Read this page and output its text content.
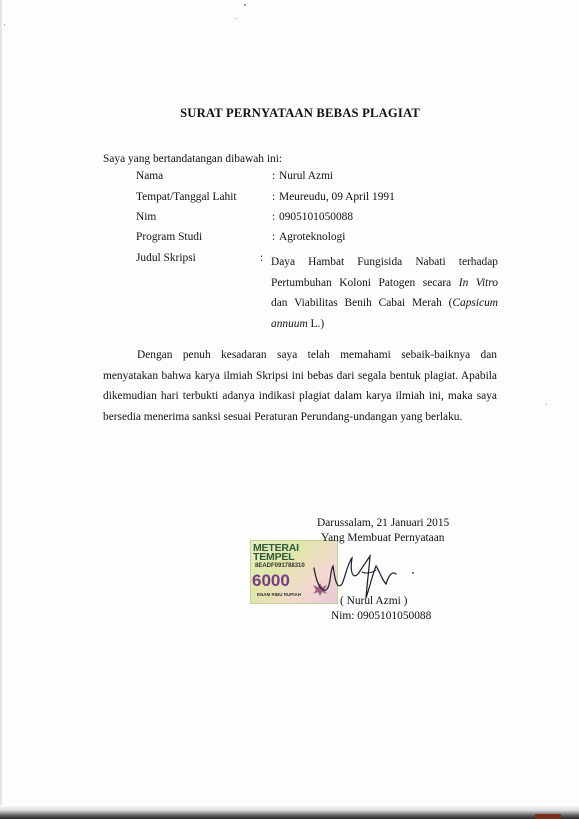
SURAT PERNYATAAN BEBAS PLAGIAT
Saya yang bertandatangan dibawah ini:
Nama	: Nurul Azmi
Tempat/Tanggal Lahit	: Meureudu, 09 April 1991
Nim	: 0905101050088
Program Studi	: Agroteknologi
Judul Skripsi	: Daya Hambat Fungisida Nabati terhadap
Pertumbuhan Koloni Patogen secara In Vitro
dan Viabilitas Benih Cabai Merah (Capsicum
annuum L.)
Dengan penuh kesadaran saya telah memahami sebaik-baiknya dan
menyatakan bahwa karya ilmiah Skripsi ini bebas dari segala bentuk plagiat. Apabila
dikemudian hari terbukti adanya indikasi plagiat dalam karya ilmiah ini, maka saya
bersedia menerima sanksi sesuai Peraturan Perundang-undangan yang berlaku.
METERAI
TEMPEL
8EADF091788310
6000
ENAM RIBU RUPIAH
Darussalam, 21 Januari 2015
Yang Membuat Pernyataan
( Nurul Azmi )
Nim: 0905101050088
